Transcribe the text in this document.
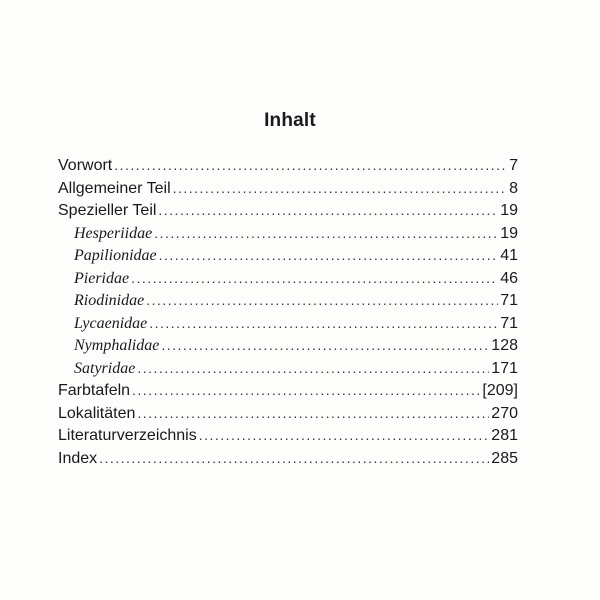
Inhalt
Vorwort . . .	7
Allgemeiner Teil . . .	8
Spezieller Teil . . .	19
Hesperiidae . . .	19
Papilionidae . . .	41
Pieridae . . .	46
Riodinidae . . .	71
Lycaenidae . . .	71
Nymphalidae . . .	128
Satyridae . . .	171
Farbtafeln . . .	[209]
Lokalitäten . . .	270
Literaturverzeichnis . . .	281
Index . . .	285
